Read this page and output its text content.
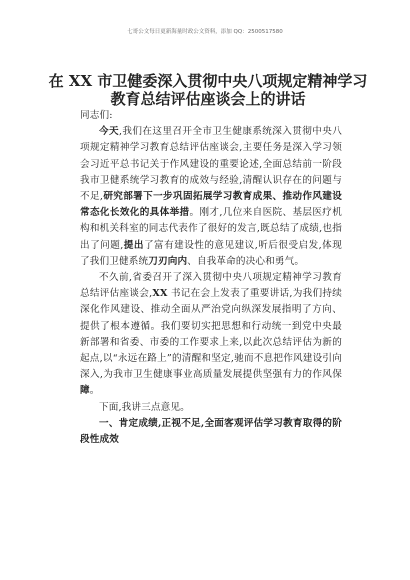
七哥公文每日更新海量时政公文资料，添加 QQ：2500517580
在 XX 市卫健委深入贯彻中央八项规定精神学习教育总结评估座谈会上的讲话

同志们:

今天,我们在这里召开全市卫生健康系统深入贯彻中央八项规定精神学习教育总结评估座谈会,主要任务是深入学习领会习近平总书记关于作风建设的重要论述,全面总结前一阶段我市卫健系统学习教育的成效与经验,清醒认识存在的问题与不足,研究部署下一步巩固拓展学习教育成果、推动作风建设常态化长效化的具体举措。刚才,几位来自医院、基层医疗机构和机关科室的同志代表作了很好的发言,既总结了成绩,也指出了问题,提出了富有建设性的意见建议,听后很受启发,体现了我们卫健系统刀刃向内、自我革命的决心和勇气。

不久前,省委召开了深入贯彻中央八项规定精神学习教育总结评估座谈会,XX 书记在会上发表了重要讲话,为我们持续深化作风建设、推动全面从严治党向纵深发展指明了方向、提供了根本遵循。我们要切实把思想和行动统一到党中央最新部署和省委、市委的工作要求上来,以此次总结评估为新的起点,以“永远在路上”的清醒和坚定,驰而不息把作风建设引向深入,为我市卫生健康事业高质量发展提供坚强有力的作风保障。

下面,我讲三点意见。

一、肯定成绩,正视不足,全面客观评估学习教育取得的阶段性成效
